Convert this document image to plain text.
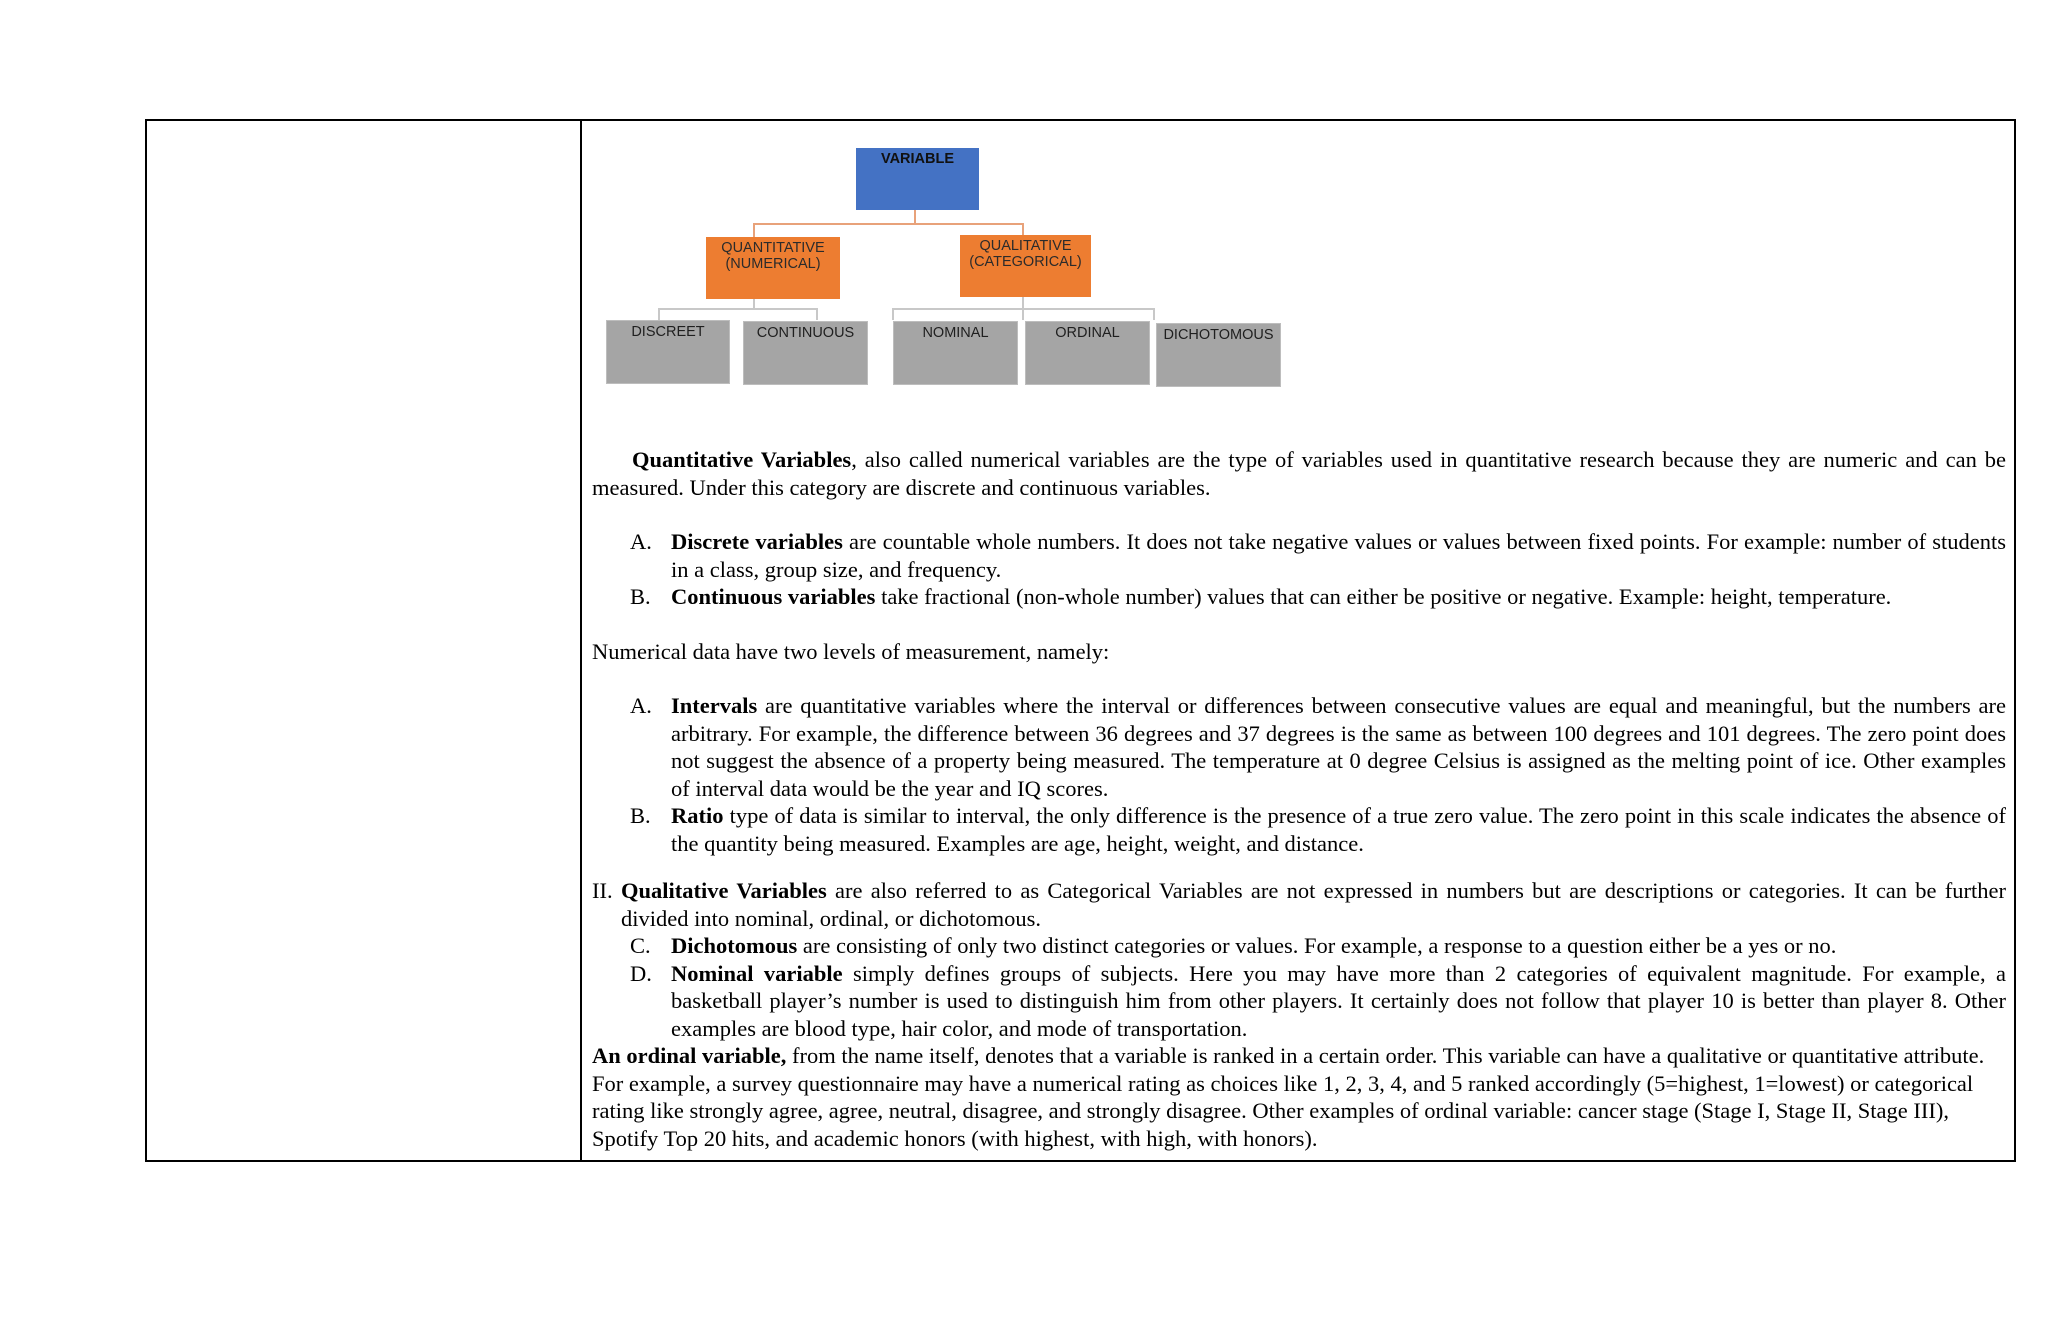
VARIABLE
QUANTITATIVE
(NUMERICAL)
QUALITATIVE
(CATEGORICAL)
DISCREET	CONTINUOUS	NOMINAL	ORDINAL	DICHOTOMOUS

Quantitative Variables, also called numerical variables are the type of variables used in quantitative research because they are numeric and can be measured. Under this category are discrete and continuous variables.

A. Discrete variables are countable whole numbers. It does not take negative values or values between fixed points. For example: number of students in a class, group size, and frequency.

B. Continuous variables take fractional (non-whole number) values that can either be positive or negative. Example: height, temperature.

Numerical data have two levels of measurement, namely:

A. Intervals are quantitative variables where the interval or differences between consecutive values are equal and meaningful, but the numbers are arbitrary. For example, the difference between 36 degrees and 37 degrees is the same as between 100 degrees and 101 degrees. The zero point does not suggest the absence of a property being measured. The temperature at 0 degree Celsius is assigned as the melting point of ice. Other examples of interval data would be the year and IQ scores.

B. Ratio type of data is similar to interval, the only difference is the presence of a true zero value. The zero point in this scale indicates the absence of the quantity being measured. Examples are age, height, weight, and distance.

II. Qualitative Variables are also referred to as Categorical Variables are not expressed in numbers but are descriptions or categories. It can be further divided into nominal, ordinal, or dichotomous.

C. Dichotomous are consisting of only two distinct categories or values. For example, a response to a question either be a yes or no.

D. Nominal variable simply defines groups of subjects. Here you may have more than 2 categories of equivalent magnitude. For example, a basketball player’s number is used to distinguish him from other players. It certainly does not follow that player 10 is better than player 8. Other examples are blood type, hair color, and mode of transportation.

An ordinal variable, from the name itself, denotes that a variable is ranked in a certain order. This variable can have a qualitative or quantitative attribute. For example, a survey questionnaire may have a numerical rating as choices like 1, 2, 3, 4, and 5 ranked accordingly (5=highest, 1=lowest) or categorical rating like strongly agree, agree, neutral, disagree, and strongly disagree. Other examples of ordinal variable: cancer stage (Stage I, Stage II, Stage III), Spotify Top 20 hits, and academic honors (with highest, with high, with honors).
